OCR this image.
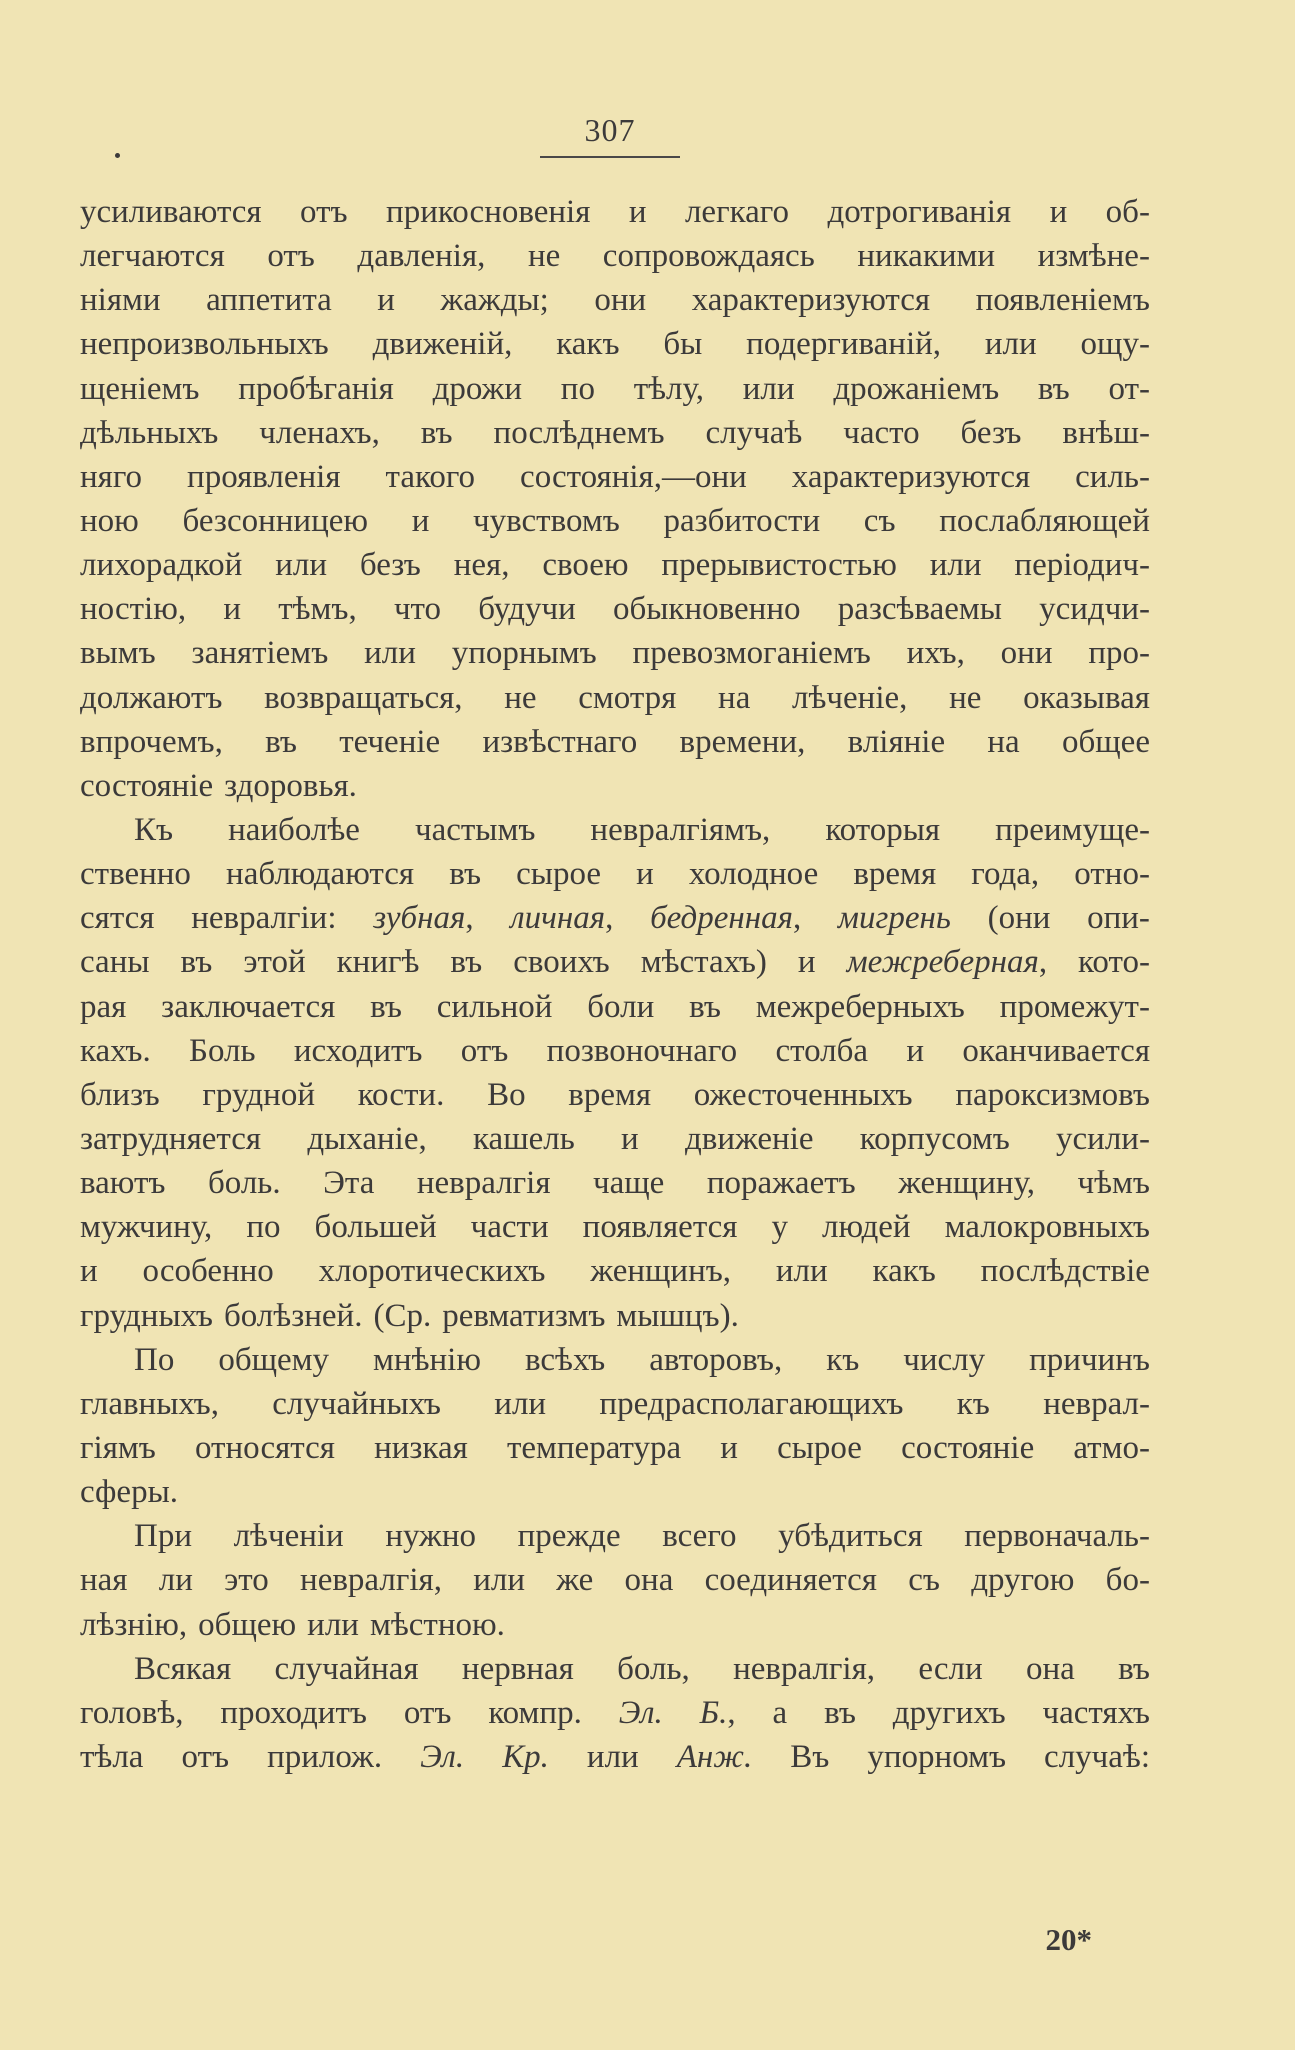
307
усиливаются отъ прикосновенія и легкаго дотрогиванія и об-
легчаются отъ давленія, не сопровождаясь никакими измѣне-
ніями аппетита и жажды; они характеризуются появленіемъ
непроизвольныхъ движеній, какъ бы подергиваній, или ощу-
щеніемъ пробѣганія дрожи по тѣлу, или дрожаніемъ въ от-
дѣльныхъ членахъ, въ послѣднемъ случаѣ часто безъ внѣш-
няго проявленія такого состоянія,—они характеризуются силь-
ною безсонницею и чувствомъ разбитости съ послабляющей
лихорадкой или безъ нея, своею прерывистостью или періодич-
ностію, и тѣмъ, что будучи обыкновенно разсѣваемы усидчи-
вымъ занятіемъ или упорнымъ превозмоганіемъ ихъ, они про-
должаютъ возвращаться, не смотря на лѣченіе, не оказывая
впрочемъ, въ теченіе извѣстнаго времени, вліяніе на общее
состояніе здоровья.
Къ наиболѣе частымъ невралгіямъ, которыя преимуще-
ственно наблюдаются въ сырое и холодное время года, отно-
сятся невралгіи: зубная, личная, бедренная, мигрень (они опи-
саны въ этой книгѣ въ своихъ мѣстахъ) и межреберная, кото-
рая заключается въ сильной боли въ межреберныхъ промежут-
кахъ. Боль исходитъ отъ позвоночнаго столба и оканчивается
близъ грудной кости. Во время ожесточенныхъ пароксизмовъ
затрудняется дыханіе, кашель и движеніе корпусомъ усили-
ваютъ боль. Эта невралгія чаще поражаетъ женщину, чѣмъ
мужчину, по большей части появляется у людей малокровныхъ
и особенно хлоротическихъ женщинъ, или какъ послѣдствіе
грудныхъ болѣзней. (Ср. ревматизмъ мышцъ).
По общему мнѣнію всѣхъ авторовъ, къ числу причинъ
главныхъ, случайныхъ или предрасполагающихъ къ неврал-
гіямъ относятся низкая температура и сырое состояніе атмо-
сферы.
При лѣченіи нужно прежде всего убѣдиться первоначаль-
ная ли это невралгія, или же она соединяется съ другою бо-
лѣзнію, общею или мѣстною.
Всякая случайная нервная боль, невралгія, если она въ
головѣ, проходитъ отъ компр. Эл. Б., а въ другихъ частяхъ
тѣла отъ прилож. Эл. Кр. или Анж. Въ упорномъ случаѣ:
20*
